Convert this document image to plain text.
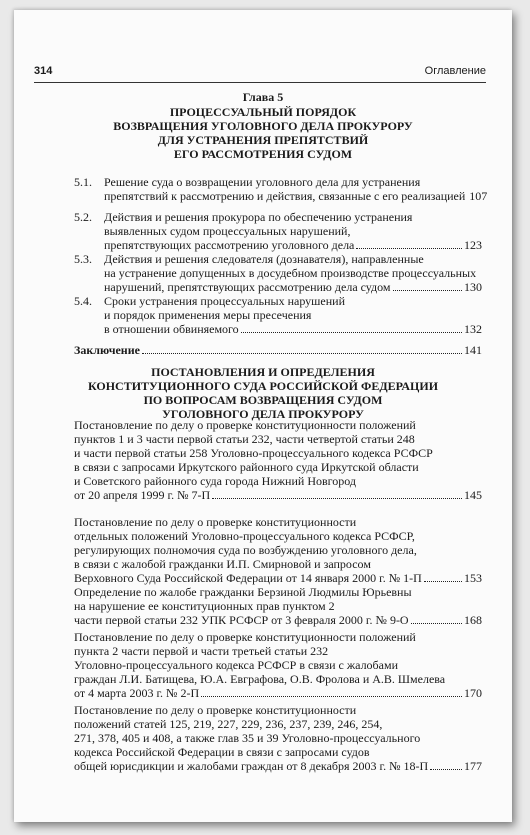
314	Оглавление
Глава 5
ПРОЦЕССУАЛЬНЫЙ ПОРЯДОК
ВОЗВРАЩЕНИЯ УГОЛОВНОГО ДЕЛА ПРОКУРОРУ
ДЛЯ УСТРАНЕНИЯ ПРЕПЯТСТВИЙ
ЕГО РАССМОТРЕНИЯ СУДОМ
5.1.	Решение суда о возвращении уголовного дела для устранения
препятствий к рассмотрению и действия, связанные с его реализацией 107
5.2.	Действия и решения прокурора по обеспечению устранения
выявленных судом процессуальных нарушений,
препятствующих рассмотрению уголовного дела	123
5.3.	Действия и решения следователя (дознавателя), направленные
на устранение допущенных в досудебном производстве процессуальных
нарушений, препятствующих рассмотрению дела судом	130
5.4.	Сроки устранения процессуальных нарушений
и порядок применения меры пресечения
в отношении обвиняемого	132
Заключение	141
ПОСТАНОВЛЕНИЯ И ОПРЕДЕЛЕНИЯ
КОНСТИТУЦИОННОГО СУДА РОССИЙСКОЙ ФЕДЕРАЦИИ
ПО ВОПРОСАМ ВОЗВРАЩЕНИЯ СУДОМ
УГОЛОВНОГО ДЕЛА ПРОКУРОРУ
Постановление по делу о проверке конституционности положений
пунктов 1 и 3 части первой статьи 232, части четвертой статьи 248
и части первой статьи 258 Уголовно-процессуального кодекса РСФСР
в связи с запросами Иркутского районного суда Иркутской области
и Советского районного суда города Нижний Новгород
от 20 апреля 1999 г. № 7-П	145
Постановление по делу о проверке конституционности
отдельных положений Уголовно-процессуального кодекса РСФСР,
регулирующих полномочия суда по возбуждению уголовного дела,
в связи с жалобой гражданки И.П. Смирновой и запросом
Верховного Суда Российской Федерации от 14 января 2000 г. № 1-П	153
Определение по жалобе гражданки Берзиной Людмилы Юрьевны
на нарушение ее конституционных прав пунктом 2
части первой статьи 232 УПК РСФСР от 3 февраля 2000 г. № 9-О	168
Постановление по делу о проверке конституционности положений
пункта 2 части первой и части третьей статьи 232
Уголовно-процессуального кодекса РСФСР в связи с жалобами
граждан Л.И. Батищева, Ю.А. Евграфова, О.В. Фролова и А.В. Шмелева
от 4 марта 2003 г. № 2-П	170
Постановление по делу о проверке конституционности
положений статей 125, 219, 227, 229, 236, 237, 239, 246, 254,
271, 378, 405 и 408, а также глав 35 и 39 Уголовно-процессуального
кодекса Российской Федерации в связи с запросами судов
общей юрисдикции и жалобами граждан от 8 декабря 2003 г. № 18-П	177
